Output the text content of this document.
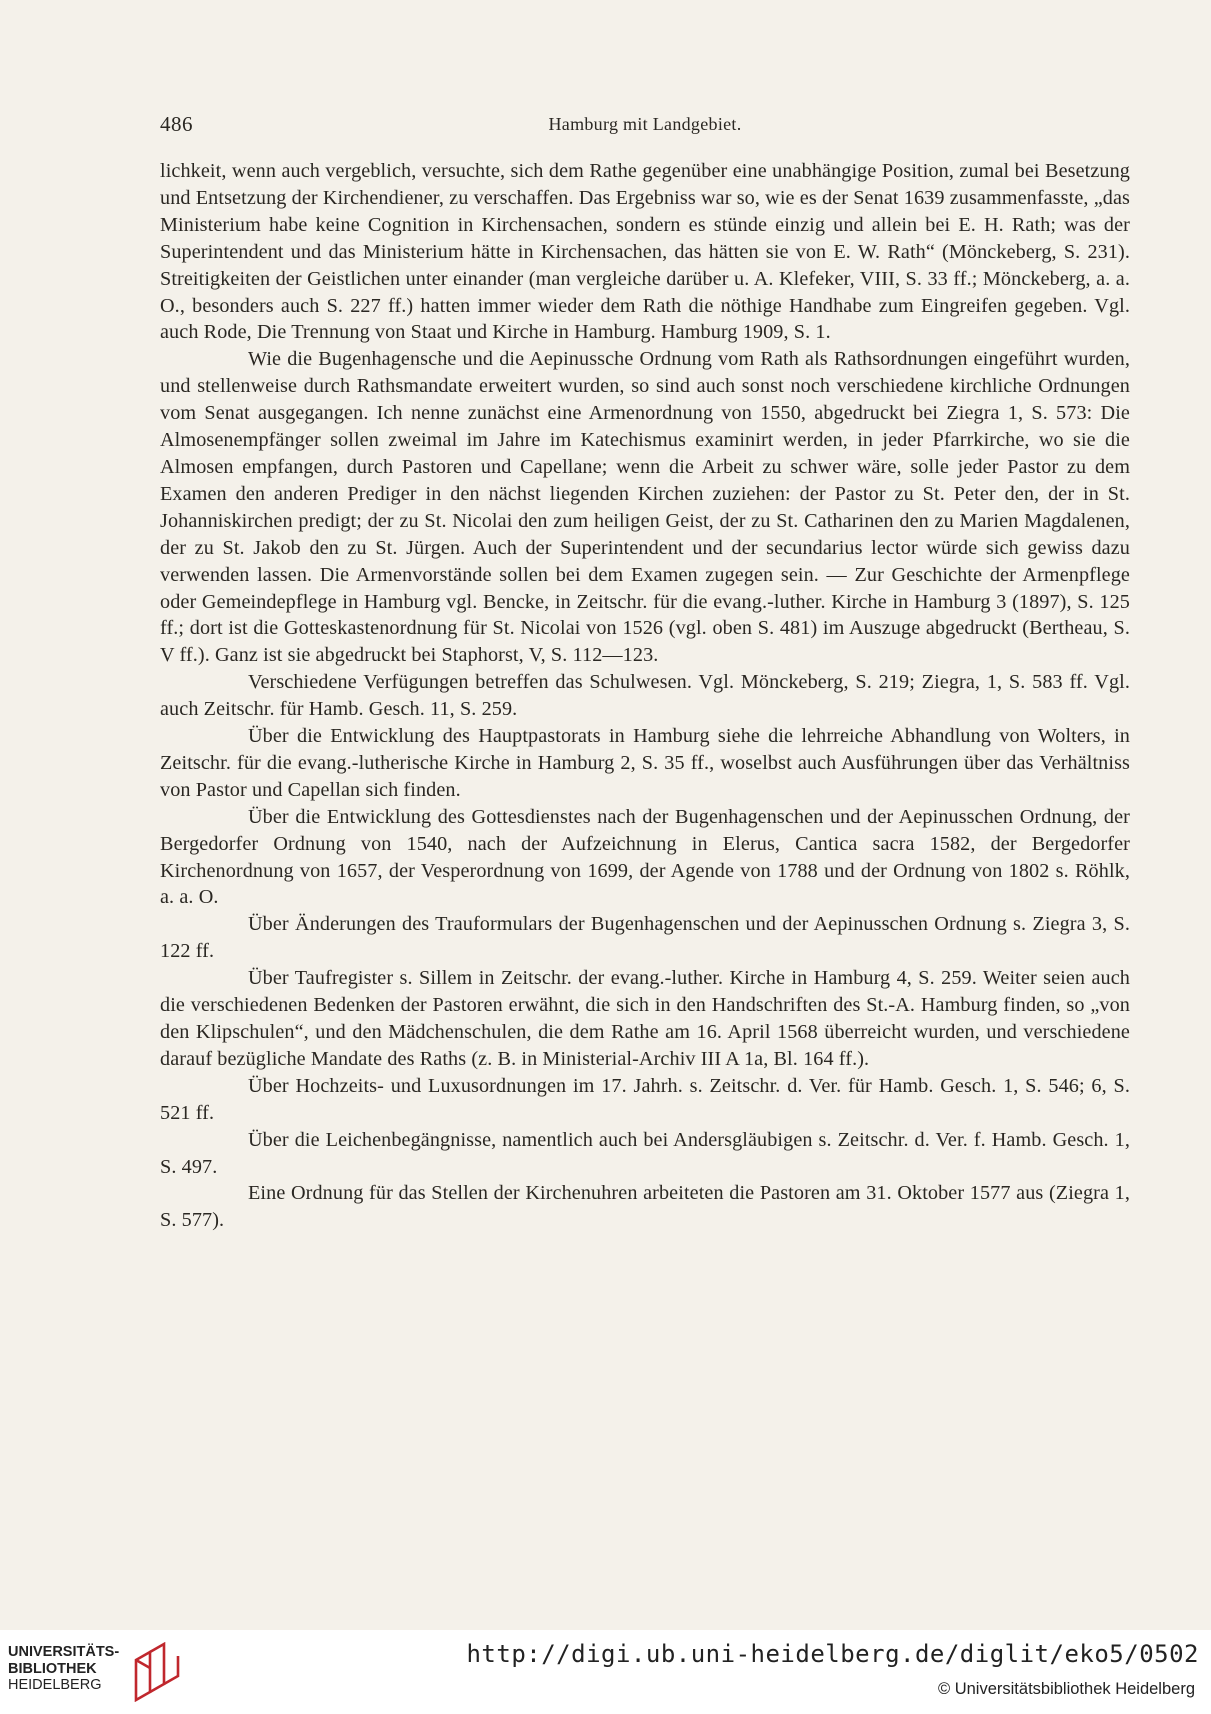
486	Hamburg mit Landgebiet.

lichkeit, wenn auch vergeblich, versuchte, sich dem Rathe gegenüber eine unabhängige Position, zumal bei Besetzung und Entsetzung der Kirchendiener, zu verschaffen. Das Ergebniss war so, wie es der Senat 1639 zusammenfasste, „das Ministerium habe keine Cognition in Kirchensachen, sondern es stünde einzig und allein bei E. H. Rath; was der Superintendent und das Ministerium hätte in Kirchensachen, das hätten sie von E. W. Rath“ (Mönckeberg, S. 231). Streitigkeiten der Geistlichen unter einander (man vergleiche darüber u. A. Klefeker, VIII, S. 33 ff.; Mönckeberg, a. a. O., besonders auch S. 227 ff.) hatten immer wieder dem Rath die nöthige Handhabe zum Eingreifen gegeben. Vgl. auch Rode, Die Trennung von Staat und Kirche in Hamburg. Hamburg 1909, S. 1.

Wie die Bugenhagensche und die Aepinussche Ordnung vom Rath als Rathsordnungen eingeführt wurden, und stellenweise durch Rathsmandate erweitert wurden, so sind auch sonst noch verschiedene kirchliche Ordnungen vom Senat ausgegangen. Ich nenne zunächst eine Armenordnung von 1550, abgedruckt bei Ziegra 1, S. 573: Die Almosenempfänger sollen zweimal im Jahre im Katechismus examinirt werden, in jeder Pfarrkirche, wo sie die Almosen empfangen, durch Pastoren und Capellane; wenn die Arbeit zu schwer wäre, solle jeder Pastor zu dem Examen den anderen Prediger in den nächst liegenden Kirchen zuziehen: der Pastor zu St. Peter den, der in St. Johanniskirchen predigt; der zu St. Nicolai den zum heiligen Geist, der zu St. Catharinen den zu Marien Magdalenen, der zu St. Jakob den zu St. Jürgen. Auch der Superintendent und der secundarius lector würde sich gewiss dazu verwenden lassen. Die Armenvorstände sollen bei dem Examen zugegen sein. — Zur Geschichte der Armenpflege oder Gemeindepflege in Hamburg vgl. Bencke, in Zeitschr. für die evang.-luther. Kirche in Hamburg 3 (1897), S. 125 ff.; dort ist die Gotteskastenordnung für St. Nicolai von 1526 (vgl. oben S. 481) im Auszuge abgedruckt (Bertheau, S. V ff.). Ganz ist sie abgedruckt bei Staphorst, V, S. 112—123.

Verschiedene Verfügungen betreffen das Schulwesen. Vgl. Mönckeberg, S. 219; Ziegra, 1, S. 583 ff. Vgl. auch Zeitschr. für Hamb. Gesch. 11, S. 259.

Über die Entwicklung des Hauptpastorats in Hamburg siehe die lehrreiche Abhandlung von Wolters, in Zeitschr. für die evang.-lutherische Kirche in Hamburg 2, S. 35 ff., woselbst auch Ausführungen über das Verhältniss von Pastor und Capellan sich finden.

Über die Entwicklung des Gottesdienstes nach der Bugenhagenschen und der Aepinusschen Ordnung, der Bergedorfer Ordnung von 1540, nach der Aufzeichnung in Elerus, Cantica sacra 1582, der Bergedorfer Kirchenordnung von 1657, der Vesperordnung von 1699, der Agende von 1788 und der Ordnung von 1802 s. Röhlk, a. a. O.

Über Änderungen des Trauformulars der Bugenhagenschen und der Aepinusschen Ordnung s. Ziegra 3, S. 122 ff.

Über Taufregister s. Sillem in Zeitschr. der evang.-luther. Kirche in Hamburg 4, S. 259. Weiter seien auch die verschiedenen Bedenken der Pastoren erwähnt, die sich in den Handschriften des St.-A. Hamburg finden, so „von den Klipschulen“, und den Mädchenschulen, die dem Rathe am 16. April 1568 überreicht wurden, und verschiedene darauf bezügliche Mandate des Raths (z. B. in Ministerial-Archiv III A 1a, Bl. 164 ff.).

Über Hochzeits- und Luxusordnungen im 17. Jahrh. s. Zeitschr. d. Ver. für Hamb. Gesch. 1, S. 546; 6, S. 521 ff.

Über die Leichenbegängnisse, namentlich auch bei Andersgläubigen s. Zeitschr. d. Ver. f. Hamb. Gesch. 1, S. 497.

Eine Ordnung für das Stellen der Kirchenuhren arbeiteten die Pastoren am 31. Oktober 1577 aus (Ziegra 1, S. 577).

UNIVERSITÄTS-
BIBLIOTHEK
HEIDELBERG
http://digi.ub.uni-heidelberg.de/diglit/eko5/0502
© Universitätsbibliothek Heidelberg
